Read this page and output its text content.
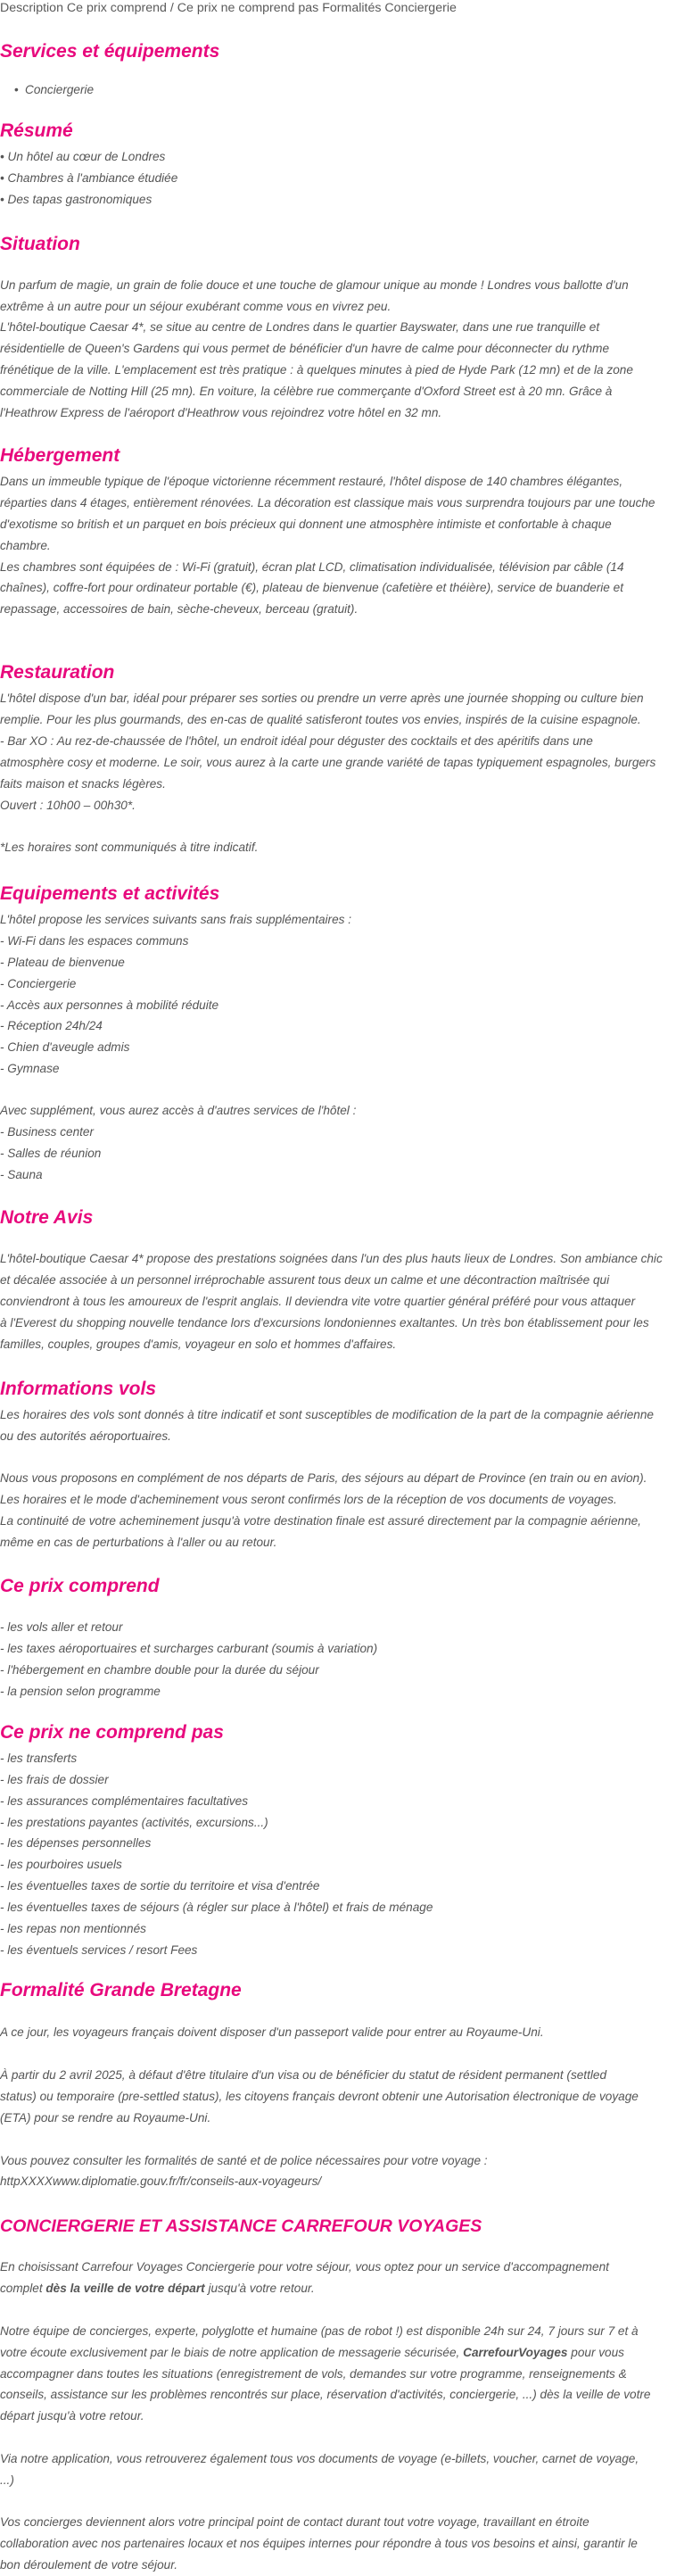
Description Ce prix comprend / Ce prix ne comprend pas Formalités Conciergerie
Services et équipements
• Conciergerie
Résumé

• Un hôtel au cœur de Londres

• Chambres à l'ambiance étudiée

• Des tapas gastronomiques

Situation

Un parfum de magie, un grain de folie douce et une touche de glamour unique au monde ! Londres vous ballotte d'un

extrême à un autre pour un séjour exubérant comme vous en vivrez peu.

L'hôtel-boutique Caesar 4*, se situe au centre de Londres dans le quartier Bayswater, dans une rue tranquille et

résidentielle de Queen's Gardens qui vous permet de bénéficier d'un havre de calme pour déconnecter du rythme

frénétique de la ville. L'emplacement est très pratique : à quelques minutes à pied de Hyde Park (12 mn) et de la zone

commerciale de Notting Hill (25 mn). En voiture, la célèbre rue commerçante d'Oxford Street est à 20 mn. Grâce à

l'Heathrow Express de l'aéroport d'Heathrow vous rejoindrez votre hôtel en 32 mn.

Hébergement

Dans un immeuble typique de l'époque victorienne récemment restauré, l'hôtel dispose de 140 chambres élégantes,

réparties dans 4 étages, entièrement rénovées. La décoration est classique mais vous surprendra toujours par une touche

d'exotisme so british et un parquet en bois précieux qui donnent une atmosphère intimiste et confortable à chaque

chambre.

Les chambres sont équipées de : Wi-Fi (gratuit), écran plat LCD, climatisation individualisée, télévision par câble (14

chaînes), coffre-fort pour ordinateur portable (€), plateau de bienvenue (cafetière et théière), service de buanderie et

repassage, accessoires de bain, sèche-cheveux, berceau (gratuit).

Restauration

L'hôtel dispose d'un bar, idéal pour préparer ses sorties ou prendre un verre après une journée shopping ou culture bien

remplie. Pour les plus gourmands, des en-cas de qualité satisferont toutes vos envies, inspirés de la cuisine espagnole.

- Bar XO : Au rez-de-chaussée de l'hôtel, un endroit idéal pour déguster des cocktails et des apéritifs dans une

atmosphère cosy et moderne. Le soir, vous aurez à la carte une grande variété de tapas typiquement espagnoles, burgers

faits maison et snacks légères.

Ouvert : 10h00 – 00h30*.

*Les horaires sont communiqués à titre indicatif.

Equipements et activités

L'hôtel propose les services suivants sans frais supplémentaires :

- Wi-Fi dans les espaces communs

- Plateau de bienvenue

- Conciergerie

- Accès aux personnes à mobilité réduite

- Réception 24h/24

- Chien d'aveugle admis

- Gymnase

Avec supplément, vous aurez accès à d'autres services de l'hôtel :

- Business center

- Salles de réunion

- Sauna

Notre Avis

L'hôtel-boutique Caesar 4* propose des prestations soignées dans l'un des plus hauts lieux de Londres. Son ambiance chic

et décalée associée à un personnel irréprochable assurent tous deux un calme et une décontraction maîtrisée qui

conviendront à tous les amoureux de l'esprit anglais. Il deviendra vite votre quartier général préféré pour vous attaquer

à l'Everest du shopping nouvelle tendance lors d'excursions londoniennes exaltantes. Un très bon établissement pour les

familles, couples, groupes d'amis, voyageur en solo et hommes d'affaires.

Informations vols

Les horaires des vols sont donnés à titre indicatif et sont susceptibles de modification de la part de la compagnie aérienne

ou des autorités aéroportuaires.

Nous vous proposons en complément de nos départs de Paris, des séjours au départ de Province (en train ou en avion).

Les horaires et le mode d'acheminement vous seront confirmés lors de la réception de vos documents de voyages.

La continuité de votre acheminement jusqu'à votre destination finale est assuré directement par la compagnie aérienne,

même en cas de perturbations à l'aller ou au retour.

Ce prix comprend

- les vols aller et retour

- les taxes aéroportuaires et surcharges carburant (soumis à variation)

- l'hébergement en chambre double pour la durée du séjour

- la pension selon programme

Ce prix ne comprend pas

- les transferts

- les frais de dossier

- les assurances complémentaires facultatives

- les prestations payantes (activités, excursions...)

- les dépenses personnelles

- les pourboires usuels

- les éventuelles taxes de sortie du territoire et visa d'entrée

- les éventuelles taxes de séjours (à régler sur place à l'hôtel) et frais de ménage

- les repas non mentionnés

- les éventuels services / resort Fees

Formalité Grande Bretagne

A ce jour, les voyageurs français doivent disposer d'un passeport valide pour entrer au Royaume-Uni.

À partir du 2 avril 2025, à défaut d'être titulaire d'un visa ou de bénéficier du statut de résident permanent (settled

status) ou temporaire (pre-settled status), les citoyens français devront obtenir une Autorisation électronique de voyage

(ETA) pour se rendre au Royaume-Uni.

Vous pouvez consulter les formalités de santé et de police nécessaires pour votre voyage :

httpXXXXwww.diplomatie.gouv.fr/fr/conseils-aux-voyageurs/

CONCIERGERIE ET ASSISTANCE CARREFOUR VOYAGES

En choisissant Carrefour Voyages Conciergerie pour votre séjour, vous optez pour un service d'accompagnement

complet dès la veille de votre départ jusqu'à votre retour.

Notre équipe de concierges, experte, polyglotte et humaine (pas de robot !) est disponible 24h sur 24, 7 jours sur 7 et à

votre écoute exclusivement par le biais de notre application de messagerie sécurisée, CarrefourVoyages pour vous

accompagner dans toutes les situations (enregistrement de vols, demandes sur votre programme, renseignements &

conseils, assistance sur les problèmes rencontrés sur place, réservation d'activités, conciergerie, ...) dès la veille de votre

départ jusqu'à votre retour.

Via notre application, vous retrouverez également tous vos documents de voyage (e-billets, voucher, carnet de voyage,

...)

Vos concierges deviennent alors votre principal point de contact durant tout votre voyage, travaillant en étroite

collaboration avec nos partenaires locaux et nos équipes internes pour répondre à tous vos besoins et ainsi, garantir le

bon déroulement de votre séjour.
